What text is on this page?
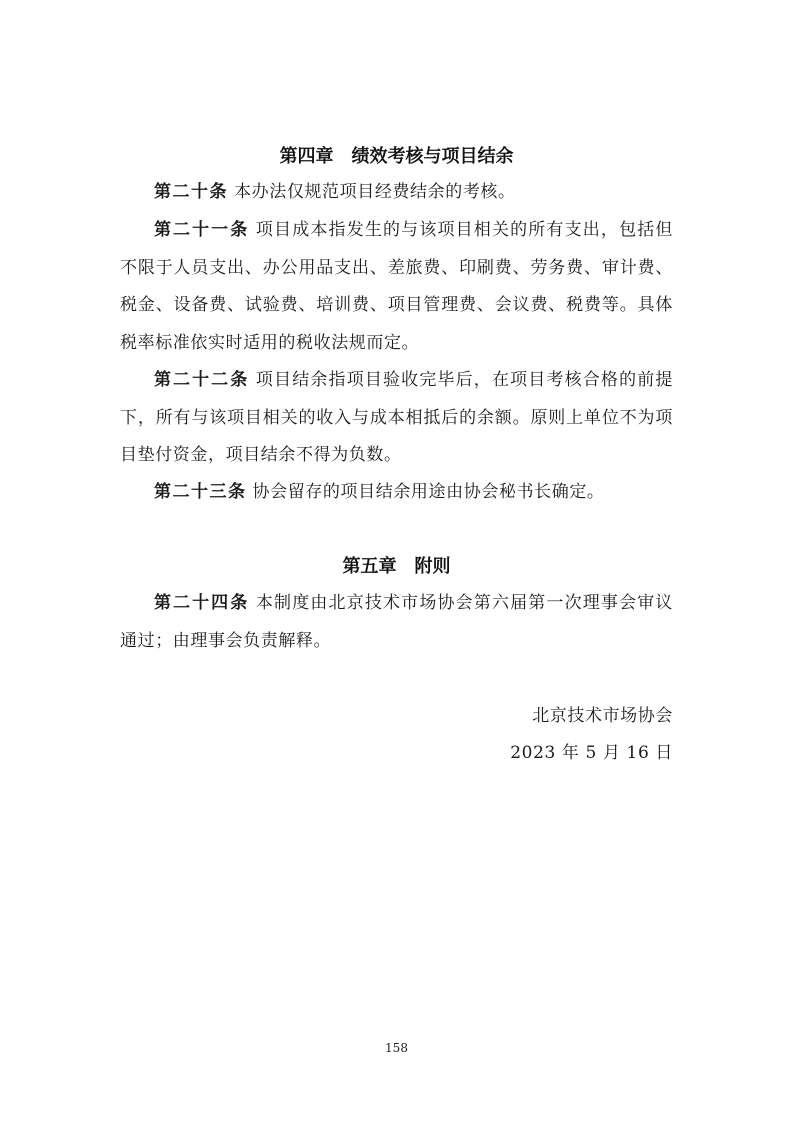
第四章　绩效考核与项目结余
第二十条 本办法仅规范项目经费结余的考核。
第二十一条 项目成本指发生的与该项目相关的所有支出，包括但不限于人员支出、办公用品支出、差旅费、印刷费、劳务费、审计费、税金、设备费、试验费、培训费、项目管理费、会议费、税费等。具体税率标准依实时适用的税收法规而定。
第二十二条 项目结余指项目验收完毕后，在项目考核合格的前提下，所有与该项目相关的收入与成本相抵后的余额。原则上单位不为项目垫付资金，项目结余不得为负数。
第二十三条 协会留存的项目结余用途由协会秘书长确定。
第五章　附则
第二十四条 本制度由北京技术市场协会第六届第一次理事会审议通过；由理事会负责解释。
北京技术市场协会
2023 年 5 月 16 日
158
